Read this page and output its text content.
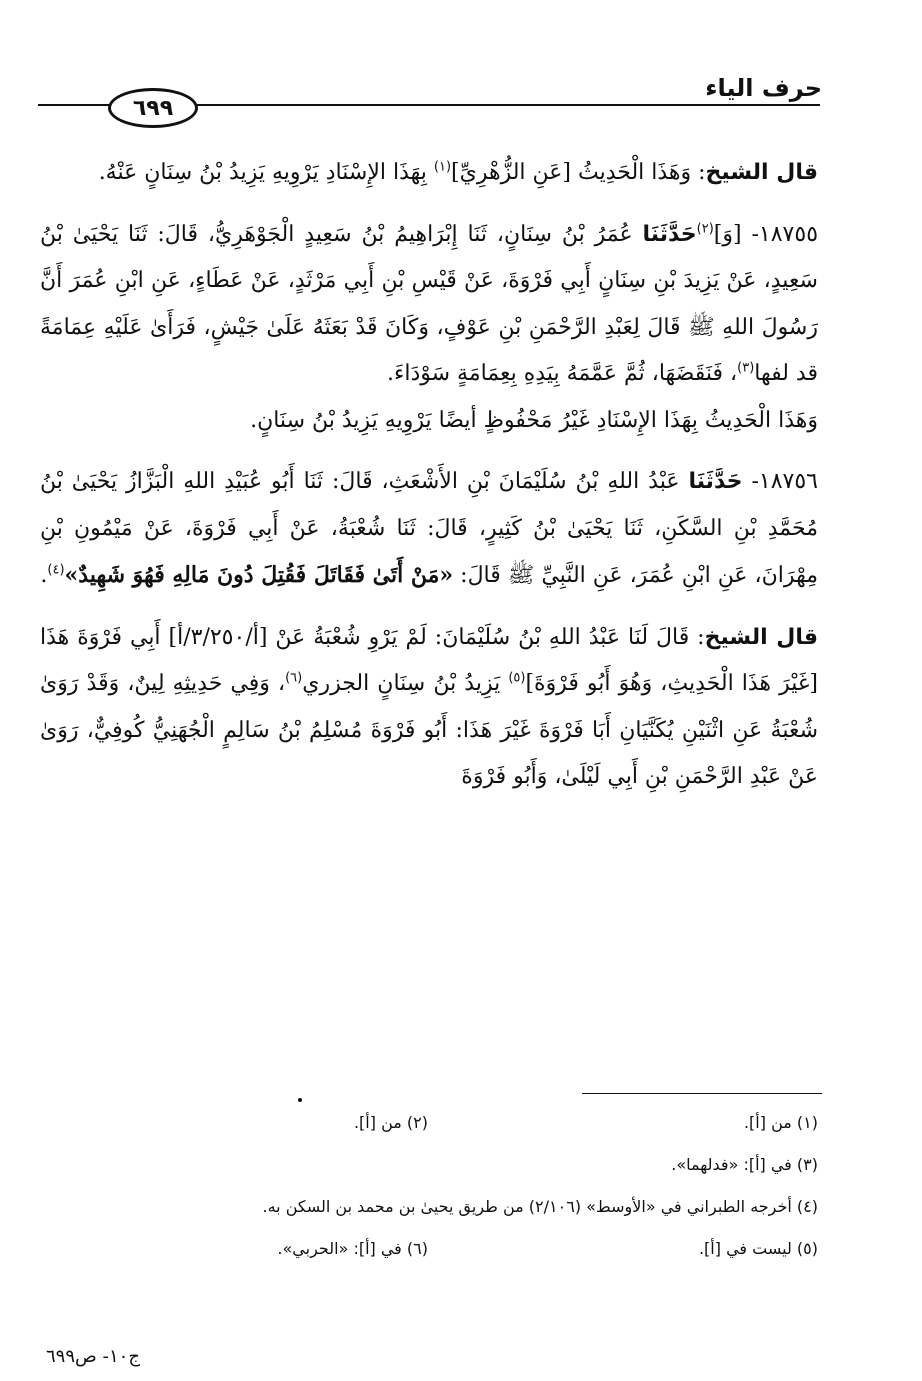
حرف الياء
٦٩٩

قال الشيخ: وَهَذَا الْحَدِيثُ [عَنِ الزُّهْرِيِّ]$^{(١)}$ بِهَذَا الإِسْنَادِ يَرْوِيهِ يَزِيدُ بْنُ سِنَانٍ عَنْهُ.

١٨٧٥٥- [وَ]$^{(٢)}$حَدَّثَنَا عُمَرُ بْنُ سِنَانٍ، ثَنَا إِبْرَاهِيمُ بْنُ سَعِيدٍ الْجَوْهَرِيُّ، قَالَ: ثَنَا يَحْيَىٰ بْنُ سَعِيدٍ، عَنْ يَزِيدَ بْنِ سِنَانٍ أَبِي فَرْوَةَ، عَنْ قَيْسِ بْنِ أَبِي مَرْثَدٍ، عَنْ عَطَاءٍ، عَنِ ابْنِ عُمَرَ أَنَّ رَسُولَ اللهِ ﷺ قَالَ لِعَبْدِ الرَّحْمَنِ بْنِ عَوْفٍ، وَكَانَ قَدْ بَعَثَهُ عَلَىٰ جَيْشٍ، فَرَأَىٰ عَلَيْهِ عِمَامَةً قد لفها$^{(٣)}$، فَنَقَضَهَا، ثُمَّ عَمَّمَهُ بِيَدِهِ بِعِمَامَةٍ سَوْدَاءَ.

وَهَذَا الْحَدِيثُ بِهَذَا الإِسْنَادِ غَيْرُ مَحْفُوظٍ أيضًا يَرْوِيهِ يَزِيدُ بْنُ سِنَانٍ.

١٨٧٥٦- حَدَّثَنَا عَبْدُ اللهِ بْنُ سُلَيْمَانَ بْنِ الأَشْعَثِ، قَالَ: ثَنَا أَبُو عُبَيْدِ اللهِ الْبَزَّازُ يَحْيَىٰ بْنُ مُحَمَّدِ بْنِ السَّكَنِ، ثَنَا يَحْيَىٰ بْنُ كَثِيرٍ، قَالَ: ثَنَا شُعْبَةُ، عَنْ أَبِي فَرْوَةَ، عَنْ مَيْمُونِ بْنِ مِهْرَانَ، عَنِ ابْنِ عُمَرَ، عَنِ النَّبِيِّ ﷺ قَالَ: «مَنْ أَتَىٰ فَقَاتَلَ فَقُتِلَ دُونَ مَالِهِ فَهُوَ شَهِيدٌ»$^{(٤)}$.

قال الشيخ: قَالَ لَنَا عَبْدُ اللهِ بْنُ سُلَيْمَانَ: لَمْ يَرْوِ شُعْبَةُ عَنْ [أ/٣/٢٥٠/أ] أَبِي فَرْوَةَ هَذَا [غَيْرَ هَذَا الْحَدِيثِ، وَهُوَ أَبُو فَرْوَةَ]$^{(٥)}$ يَزِيدُ بْنُ سِنَانٍ الجزري$^{(٦)}$، وَفِي حَدِيثِهِ لِينٌ، وَقَدْ رَوَىٰ شُعْبَةُ عَنِ اثْنَيْنِ يُكَنَّيَانِ أَبَا فَرْوَةَ غَيْرَ هَذَا: أَبُو فَرْوَةَ مُسْلِمُ بْنُ سَالِمٍ الْجُهَنِيُّ كُوفِيٌّ، رَوَىٰ عَنْ عَبْدِ الرَّحْمَنِ بْنِ أَبِي لَيْلَىٰ، وَأَبُو فَرْوَةَ

(١) من [أ].
(٢) من [أ].
(٣) في [أ]: «فدلهما».
(٤) أخرجه الطبراني في «الأوسط» (٢/١٠٦) من طريق يحيىٰ بن محمد بن السكن به.
(٥) ليست في [أ].
(٦) في [أ]: «الحربي».
ج١٠- ص٦٩٩
